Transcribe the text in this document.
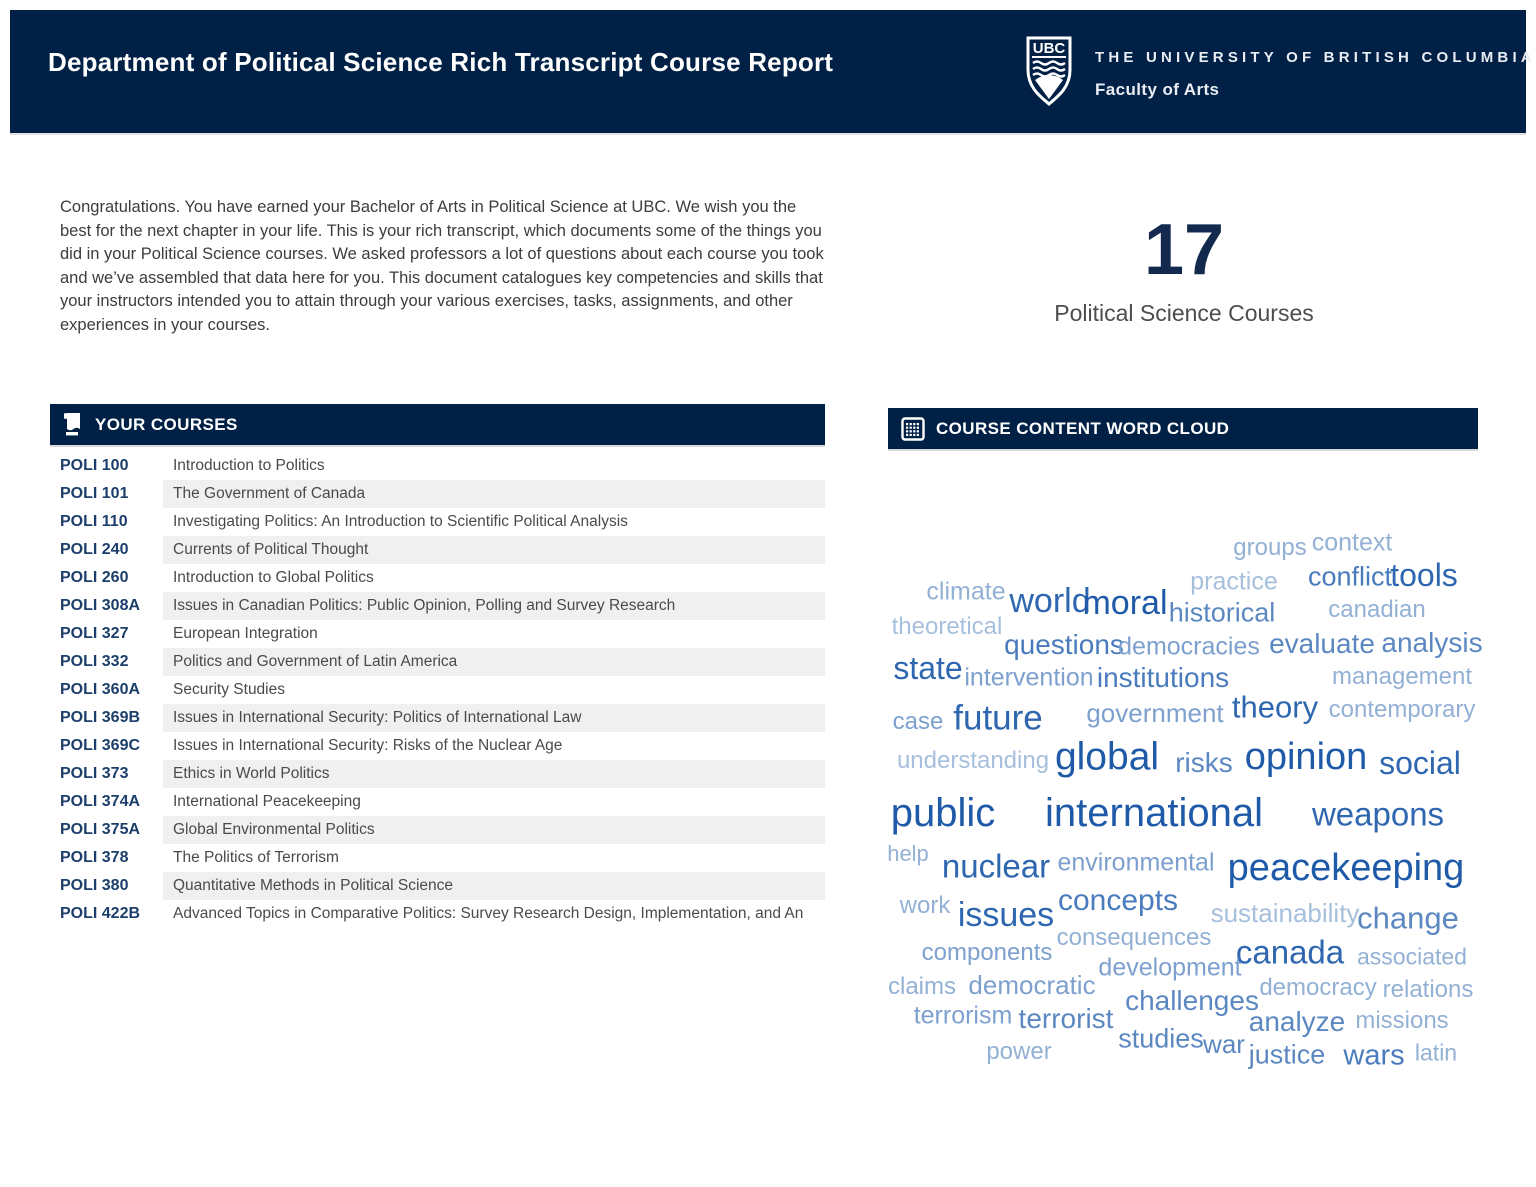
Department of Political Science Rich Transcript Course Report	UBC
THE UNIVERSITY OF BRITISH COLUMBIA
Faculty of Arts
Congratulations. You have earned your Bachelor of Arts in Political Science at UBC. We wish you the best for the next chapter in your life. This is your rich transcript, which documents some of the things you did in your Political Science courses. We asked professors a lot of questions about each course you took and we’ve assembled that data here for you. This document catalogues key competencies and skills that your instructors intended you to attain through your various exercises, tasks, assignments, and other experiences in your courses.
17
Political Science Courses
YOUR COURSES
POLI 100	Introduction to Politics
POLI 101	The Government of Canada
POLI 110	Investigating Politics: An Introduction to Scientific Political Analysis
POLI 240	Currents of Political Thought
POLI 260	Introduction to Global Politics
POLI 308A	Issues in Canadian Politics: Public Opinion, Polling and Survey Research
POLI 327	European Integration
POLI 332	Politics and Government of Latin America
POLI 360A	Security Studies
POLI 369B	Issues in International Security: Politics of International Law
POLI 369C	Issues in International Security: Risks of the Nuclear Age
POLI 373	Ethics in World Politics
POLI 374A	International Peacekeeping
POLI 375A	Global Environmental Politics
POLI 378	The Politics of Terrorism
POLI 380	Quantitative Methods in Political Science
POLI 422B	Advanced Topics in Comparative Politics: Survey Research Design, Implementation, and An
COURSE CONTENT WORD CLOUD
groups context
practice conflict
tools
climate world
moral historical canadian
theoretical
questions
democracies evaluate analysis
state intervention institutions	management
case future government theory contemporary
understanding global risks opinion social
public international weapons
help nuclear environmental peacekeeping
work issues concepts sustainability
change
consequences
components	canada associated
development
claims democratic	democracy relations
challenges
terrorism terrorist	analyze missions
studies war
power	justice wars latin
